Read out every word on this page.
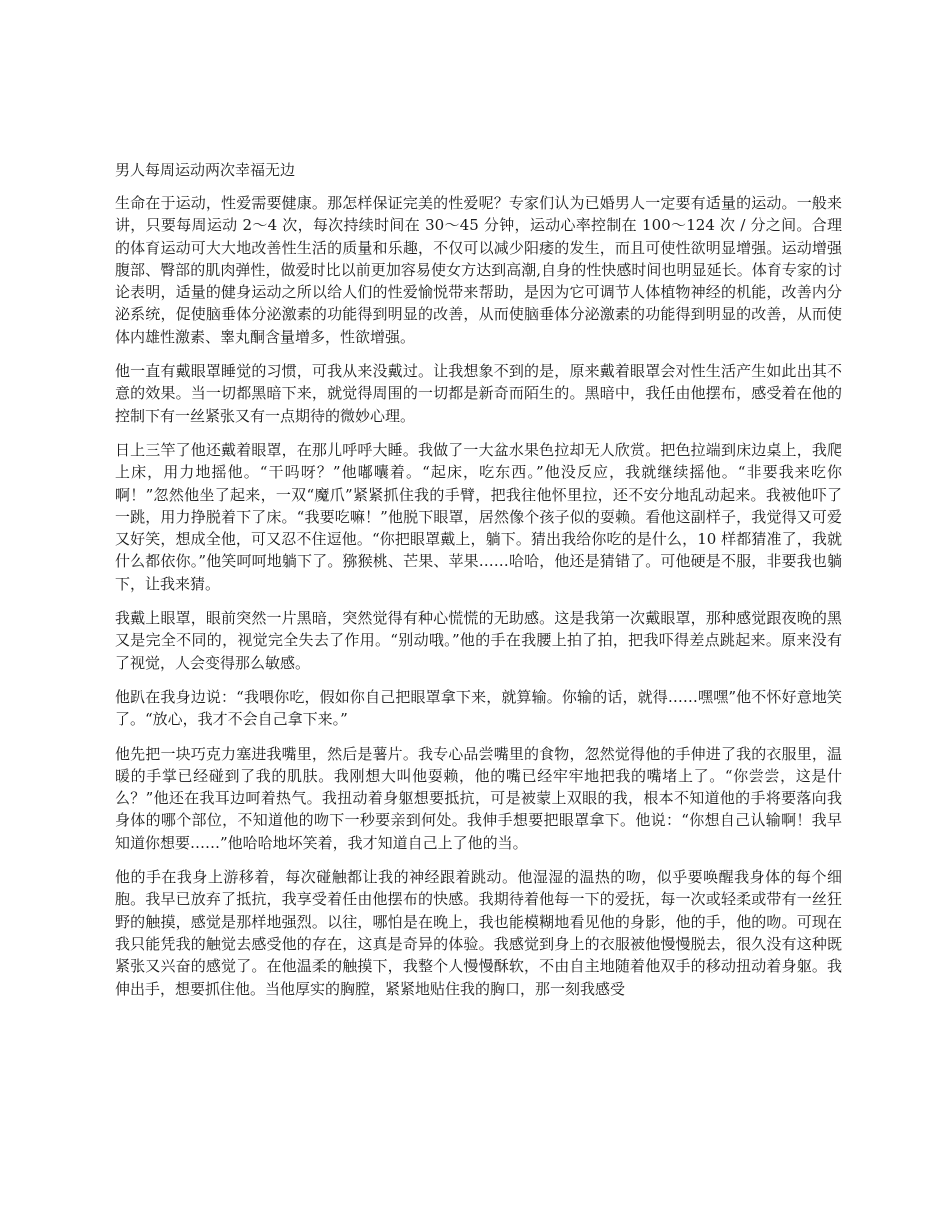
男人每周运动两次幸福无边

生命在于运动，性爱需要健康。那怎样保证完美的性爱呢？专家们认为已婚男人一定要有适量的运动。一般来讲，只要每周运动 2～4 次，每次持续时间在 30～45 分钟，运动心率控制在 100～124 次 / 分之间。合理的体育运动可大大地改善性生活的质量和乐趣，不仅可以减少阳痿的发生，而且可使性欲明显增强。运动增强腹部、臀部的肌肉弹性，做爱时比以前更加容易使女方达到高潮,自身的性快感时间也明显延长。体育专家的讨论表明，适量的健身运动之所以给人们的性爱愉悦带来帮助，是因为它可调节人体植物神经的机能，改善内分泌系统，促使脑垂体分泌激素的功能得到明显的改善，从而使脑垂体分泌激素的功能得到明显的改善，从而使体内雄性激素、睾丸酮含量增多，性欲增强。

他一直有戴眼罩睡觉的习惯，可我从来没戴过。让我想象不到的是，原来戴着眼罩会对性生活产生如此出其不意的效果。当一切都黑暗下来，就觉得周围的一切都是新奇而陌生的。黑暗中，我任由他摆布，感受着在他的控制下有一丝紧张又有一点期待的微妙心理。

日上三竿了他还戴着眼罩，在那儿呼呼大睡。我做了一大盆水果色拉却无人欣赏。把色拉端到床边桌上，我爬上床，用力地摇他。“干吗呀？”他嘟囔着。“起床，吃东西。”他没反应，我就继续摇他。“非要我来吃你啊！”忽然他坐了起来，一双“魔爪”紧紧抓住我的手臂，把我往他怀里拉，还不安分地乱动起来。我被他吓了一跳，用力挣脱着下了床。“我要吃嘛！”他脱下眼罩，居然像个孩子似的耍赖。看他这副样子，我觉得又可爱又好笑，想成全他，可又忍不住逗他。“你把眼罩戴上，躺下。猜出我给你吃的是什么，10 样都猜准了，我就什么都依你。”他笑呵呵地躺下了。猕猴桃、芒果、苹果……哈哈，他还是猜错了。可他硬是不服，非要我也躺下，让我来猜。

我戴上眼罩，眼前突然一片黑暗，突然觉得有种心慌慌的无助感。这是我第一次戴眼罩，那种感觉跟夜晚的黑又是完全不同的，视觉完全失去了作用。“别动哦。”他的手在我腰上拍了拍，把我吓得差点跳起来。原来没有了视觉，人会变得那么敏感。

他趴在我身边说：“我喂你吃，假如你自己把眼罩拿下来，就算输。你输的话，就得……嘿嘿”他不怀好意地笑了。“放心，我才不会自己拿下来。”

他先把一块巧克力塞进我嘴里，然后是薯片。我专心品尝嘴里的食物，忽然觉得他的手伸进了我的衣服里，温暖的手掌已经碰到了我的肌肤。我刚想大叫他耍赖，他的嘴已经牢牢地把我的嘴堵上了。“你尝尝，这是什么？”他还在我耳边呵着热气。我扭动着身躯想要抵抗，可是被蒙上双眼的我，根本不知道他的手将要落向我身体的哪个部位，不知道他的吻下一秒要亲到何处。我伸手想要把眼罩拿下。他说：“你想自己认输啊！我早知道你想要……”他哈哈地坏笑着，我才知道自己上了他的当。

他的手在我身上游移着，每次碰触都让我的神经跟着跳动。他湿湿的温热的吻，似乎要唤醒我身体的每个细胞。我早已放弃了抵抗，我享受着任由他摆布的快感。我期待着他每一下的爱抚，每一次或轻柔或带有一丝狂野的触摸，感觉是那样地强烈。以往，哪怕是在晚上，我也能模糊地看见他的身影，他的手，他的吻。可现在我只能凭我的触觉去感受他的存在，这真是奇异的体验。我感觉到身上的衣服被他慢慢脱去，很久没有这种既紧张又兴奋的感觉了。在他温柔的触摸下，我整个人慢慢酥软，不由自主地随着他双手的移动扭动着身躯。我伸出手，想要抓住他。当他厚实的胸膛，紧紧地贴住我的胸口，那一刻我感受
